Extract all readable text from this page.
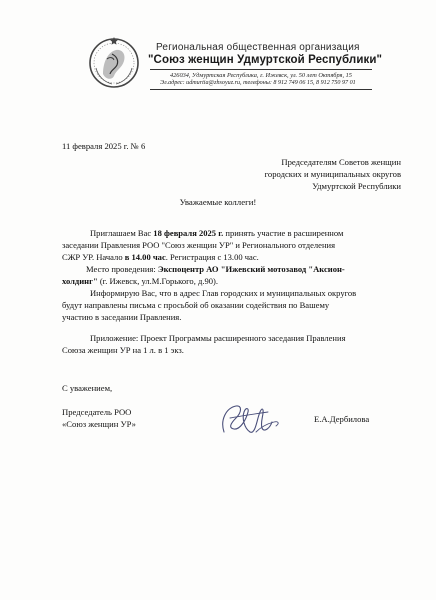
Региональная общественная организация
"Союз женщин Удмуртской Республики"
426034, Удмуртская Республика, г. Ижевск, ул. 50 лет Октября, 15
Эл.адрес: udmurtia@zhsoyuz.ru, телефоны: 8 912 749 06 15, 8 912 750 97 01
11 февраля 2025 г. № 6
Председателям Советов женщин
городских и муниципальных округов
Удмуртской Республики
Уважаемые коллеги!
Приглашаем Вас 18 февраля 2025 г. принять участие в расширенном
заседании Правления РОО "Союз женщин УР" и Регионального отделения
СЖР УР. Начало в 14.00 час. Регистрация с 13.00 час.
Место проведения: Экспоцентр АО "Ижевский мотозавод "Аксион-
холдинг" (г. Ижевск, ул.М.Горького, д.90).
Информирую Вас, что в адрес Глав городских и муниципальных округов
будут направлены письма с просьбой об оказании содействия по Вашему
участию в заседании Правления.
Приложение: Проект Программы расширенного заседания Правления
Союза женщин УР на 1 л. в 1 экз.
С уважением,
Председатель РОО
«Союз женщин УР»	Е.А.Дербилова
